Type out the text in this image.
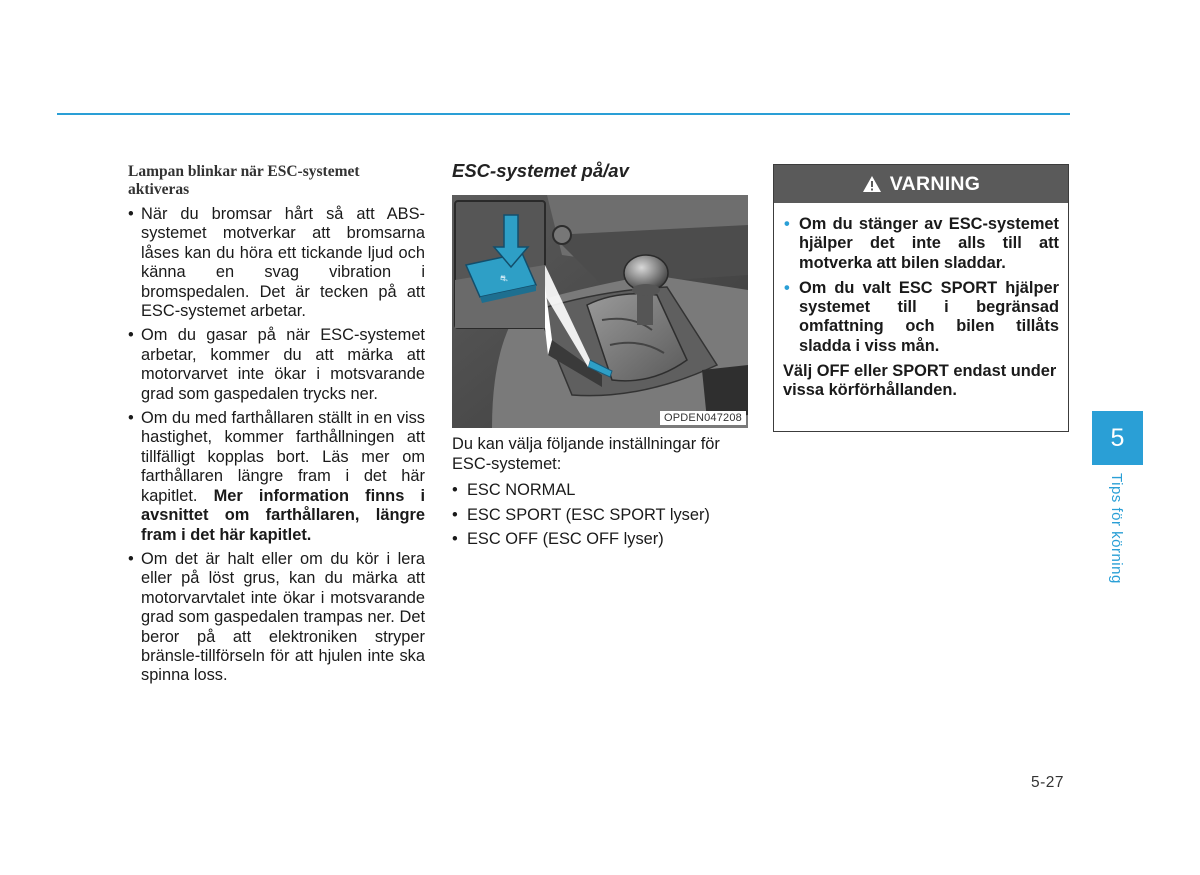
Lampan blinkar när ESC-systemet
aktiveras
• När du bromsar hårt så att ABS-systemet motverkar att bromsarna låses kan du höra ett tickande ljud och känna en svag vibration i bromspedalen. Det är tecken på att ESC-systemet arbetar.
• Om du gasar på när ESC-systemet arbetar, kommer du att märka att motorvarvet inte ökar i motsvarande grad som gaspedalen trycks ner.
• Om du med farthållaren ställt in en viss hastighet, kommer farthållningen att tillfälligt kopplas bort. Läs mer om farthållaren längre fram i det här kapitlet. Mer information finns i avsnittet om farthållaren, längre fram i det här kapitlet.
• Om det är halt eller om du kör i lera eller på löst grus, kan du märka att motorvarvtalet inte ökar i motsvarande grad som gaspedalen trampas ner. Det beror på att elektroniken stryper bränsle-tillförseln för att hjulen inte ska spinna loss.
ESC-systemet på/av
⛐
OPDEN047208

Du kan välja följande inställningar för ESC-systemet:

• ESC NORMAL
• ESC SPORT (ESC SPORT lyser)
• ESC OFF (ESC OFF lyser)
VARNING
• Om du stänger av ESC-systemet hjälper det inte alls till att motverka att bilen sladdar.
• Om du valt ESC SPORT hjälper systemet till i begränsad omfattning och bilen tillåts sladda i viss mån.

Välj OFF eller SPORT endast under vissa körförhållanden.

5
Tips för körning
5-27
